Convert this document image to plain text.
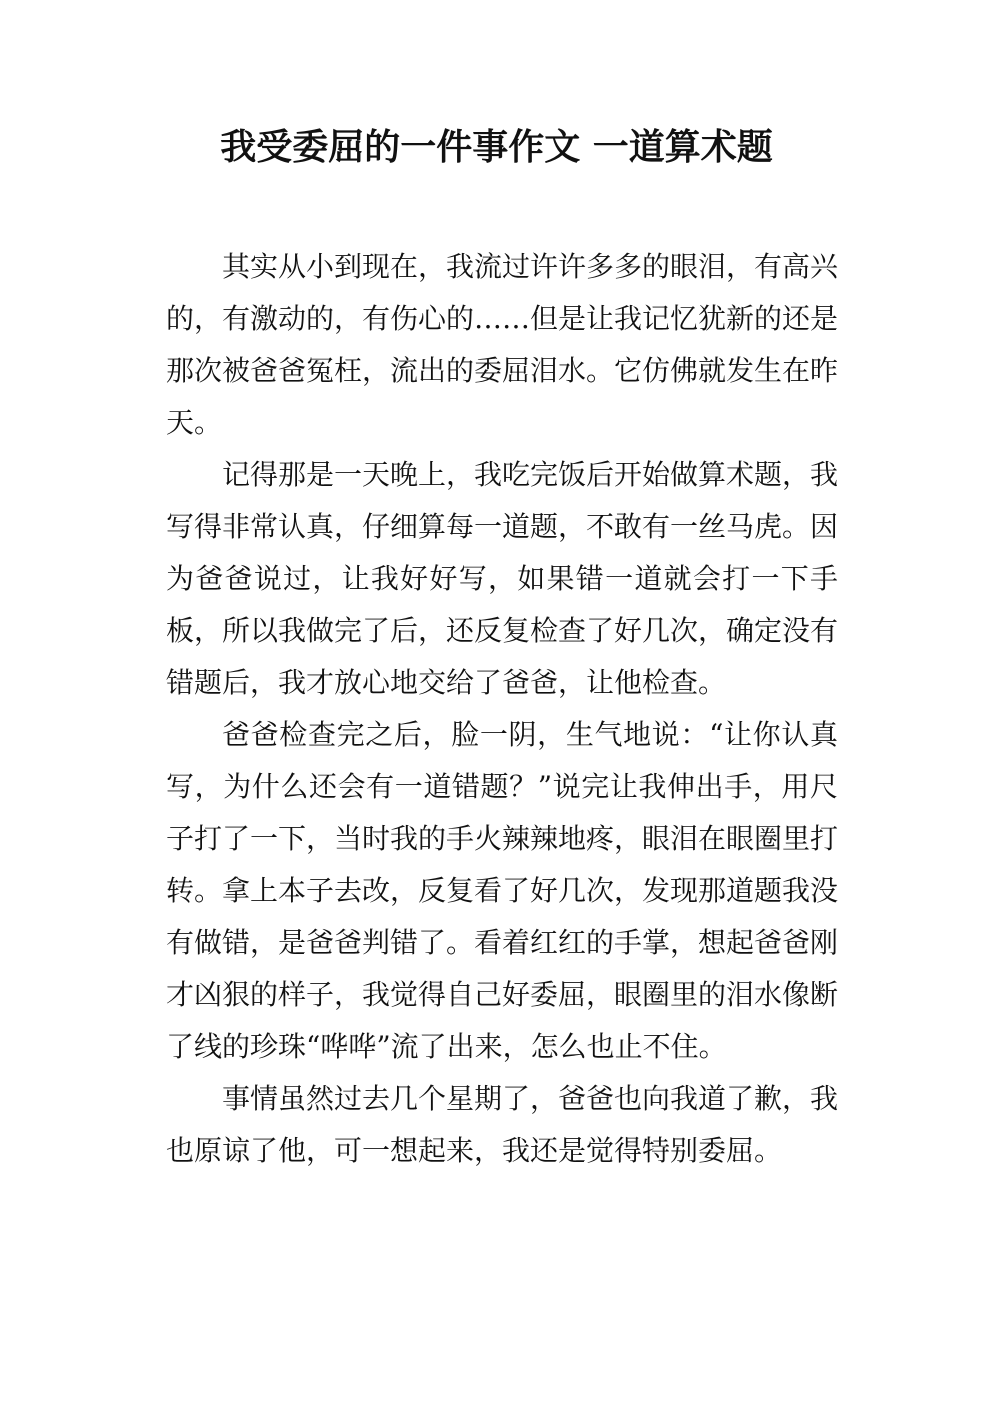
我受委屈的一件事作文 一道算术题

其实从小到现在，我流过许许多多的眼泪，有高兴的，有激动的，有伤心的……但是让我记忆犹新的还是那次被爸爸冤枉，流出的委屈泪水。它仿佛就发生在昨天。

记得那是一天晚上，我吃完饭后开始做算术题，我写得非常认真，仔细算每一道题，不敢有一丝马虎。因为爸爸说过，让我好好写，如果错一道就会打一下手板，所以我做完了后，还反复检查了好几次，确定没有错题后，我才放心地交给了爸爸，让他检查。

爸爸检查完之后，脸一阴，生气地说：“让你认真写，为什么还会有一道错题？”说完让我伸出手，用尺子打了一下，当时我的手火辣辣地疼，眼泪在眼圈里打转。拿上本子去改，反复看了好几次，发现那道题我没有做错，是爸爸判错了。看着红红的手掌，想起爸爸刚才凶狠的样子，我觉得自己好委屈，眼圈里的泪水像断了线的珍珠“哗哗”流了出来，怎么也止不住。

事情虽然过去几个星期了，爸爸也向我道了歉，我也原谅了他，可一想起来，我还是觉得特别委屈。
